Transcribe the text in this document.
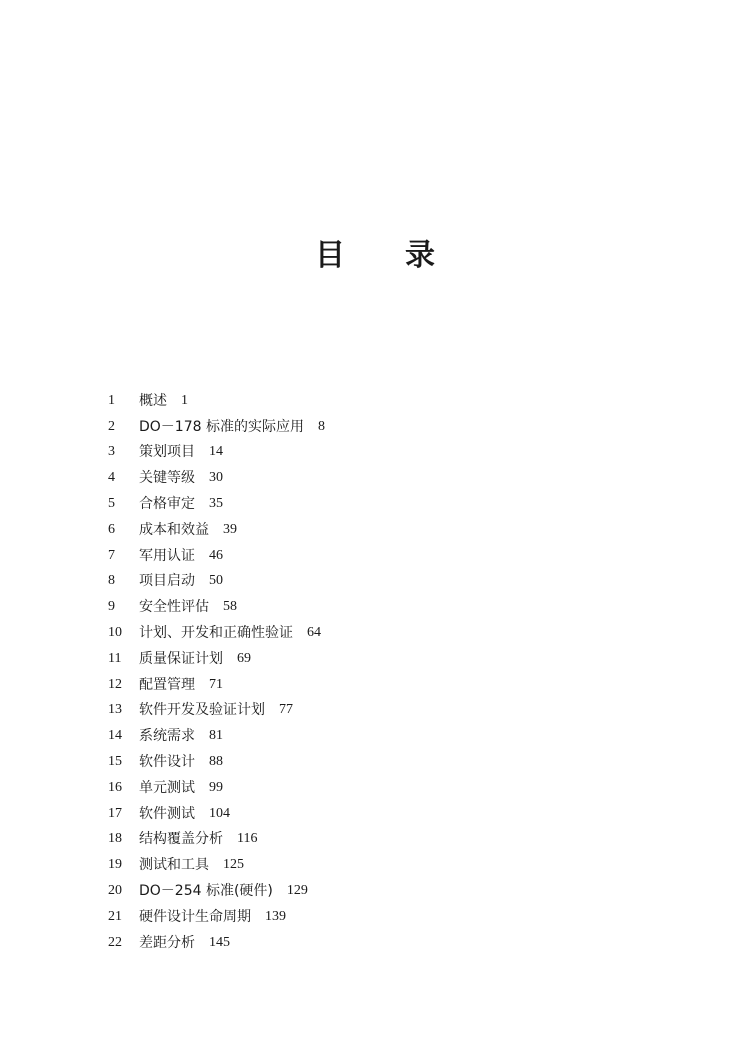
目　　录
1	概述 1
2	DO－178 标准的实际应用 8
3	策划项目 14
4	关键等级 30
5	合格审定 35
6	成本和效益 39
7	军用认证 46
8	项目启动 50
9	安全性评估 58
10	计划、开发和正确性验证 64
11	质量保证计划 69
12	配置管理 71
13	软件开发及验证计划 77
14	系统需求 81
15	软件设计 88
16	单元测试 99
17	软件测试 104
18	结构覆盖分析 116
19	测试和工具 125
20	DO－254 标准(硬件) 129
21	硬件设计生命周期 139
22	差距分析 145
